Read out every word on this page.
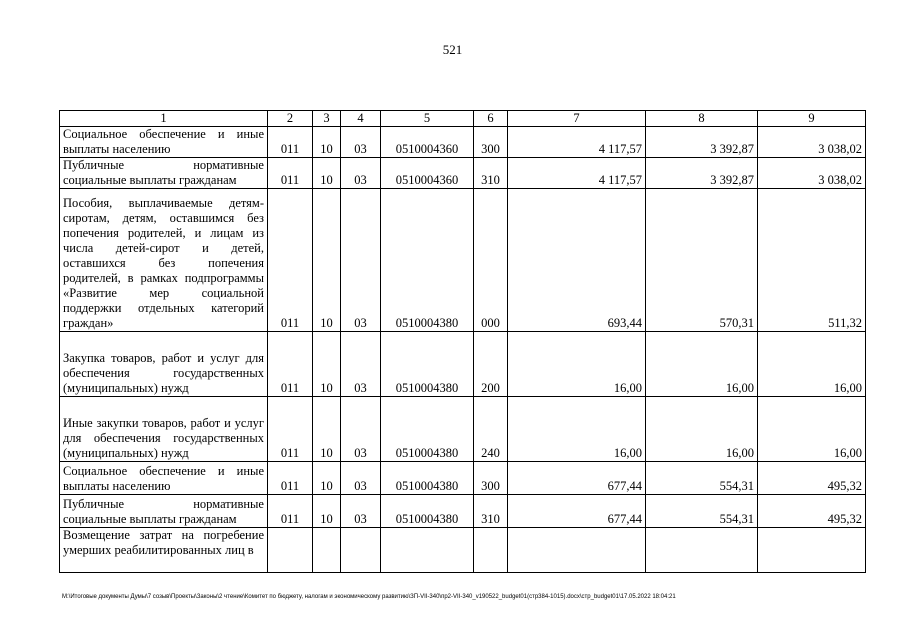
521
1	2	3	4	5	6	7	8	9
Социальное обеспечение и иные выплаты населению	011	10	03	0510004360	300	4 117,57	3 392,87	3 038,02
Публичные нормативные социальные выплаты гражданам	011	10	03	0510004360	310	4 117,57	3 392,87	3 038,02
Пособия, выплачиваемые детям-сиротам, детям, оставшимся без попечения родителей, и лицам из числа детей-сирот и детей, оставшихся без попечения родителей, в рамках подпрограммы «Развитие мер социальной поддержки отдельных категорий граждан»	011	10	03	0510004380	000	693,44	570,31	511,32
Закупка товаров, работ и услуг для обеспечения государственных (муниципальных) нужд	011	10	03	0510004380	200	16,00	16,00	16,00
Иные закупки товаров, работ и услуг для обеспечения государственных (муниципальных) нужд	011	10	03	0510004380	240	16,00	16,00	16,00
Социальное обеспечение и иные выплаты населению	011	10	03	0510004380	300	677,44	554,31	495,32
Публичные нормативные социальные выплаты гражданам	011	10	03	0510004380	310	677,44	554,31	495,32
Возмещение затрат на погребение умерших реабилитированных лиц в								
M:\Итоговые документы Думы\7 созыв\Проекты\Законы\2 чтение\Комитет по бюджету, налогам и экономическому развитию\ЗП-VII-340\пр2-VII-340_v190522_budget01(стр384-1015).docx\стр_budget01\17.05.2022 18:04:21
